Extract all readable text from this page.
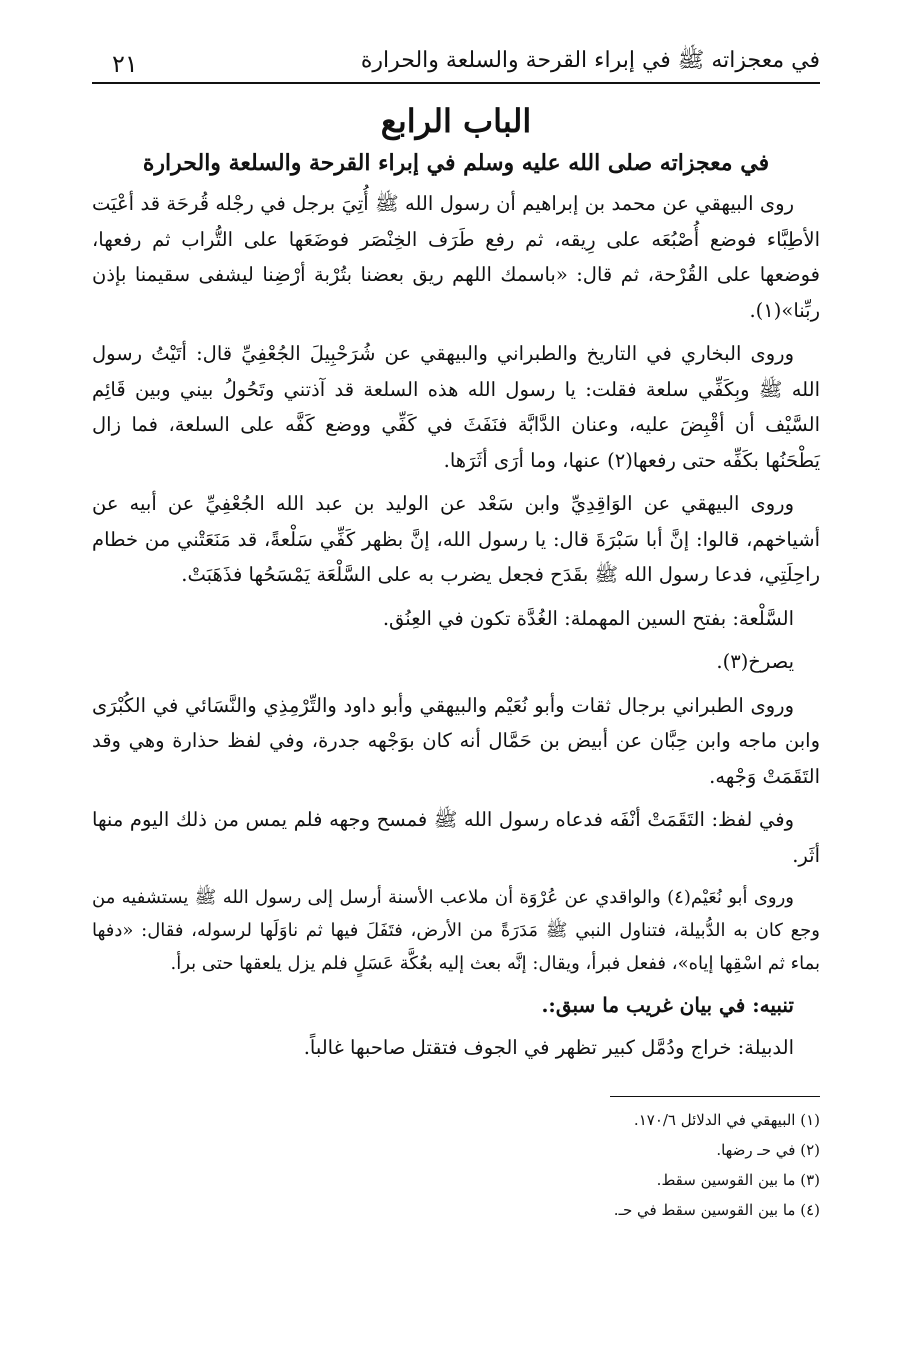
في معجزاته ﷺ في إبراء القرحة والسلعة والحرارة
٢١
الباب الرابع
في معجزاته صلى الله عليه وسلم في إبراء القرحة والسلعة والحرارة

روى البيهقي عن محمد بن إبراهيم أن رسول الله ﷺ أُتِيَ برجل في رجْله قُرحَة قد أعْيَت الأطِبَّاء فوضع أُصْبُعَه على رِيقه، ثم رفع طَرَف الخِنْصَر فوضَعَها على التُّراب ثم رفعها، فوضعها على القُرْحة، ثم قال: «باسمك اللهم ريق بعضنا بتُرْبة أرْضِنا ليشفى سقيمنا بإذن ربِّنا»(١).

وروى البخاري في التاريخ والطبراني والبيهقي عن شُرَحْبِيلَ الجُعْفِيِّ قال: أتَيْتُ رسول الله ﷺ وبِكَفِّي سلعة فقلت: يا رسول الله هذه السلعة قد آذتني وتَحُولُ بيني وبين قَائِم السَّيْف أن أقْبِضَ عليه، وعنان الدَّابَّة فنَفَثَ في كَفِّي ووضع كَفَّه على السلعة، فما زال يَطْحَنُها بكَفِّه حتى رفعها(٢) عنها، وما أرَى أثَرَها.

وروى البيهقي عن الوَاقِدِيِّ وابن سَعْد عن الوليد بن عبد الله الجُعْفِيِّ عن أبيه عن أشياخهم، قالوا: إنَّ أبا سَبْرَةَ قال: يا رسول الله، إنَّ بظهر كَفِّي سَلْعةً، قد مَنَعَتْني من خطام راحِلَتِي، فدعا رسول الله ﷺ بقَدَح فجعل يضرب به على السَّلْعَة يَمْسَحُها فذَهَبَتْ.

السَّلْعة: بفتح السين المهملة: الغُدَّة تكون في العِنُق.

يصرخ(٣).

وروى الطبراني برجال ثقات وأبو نُعَيْم والبيهقي وأبو داود والتِّرْمِذِي والنَّسَائي في الكُبْرَى وابن ماجه وابن حِبَّان عن أبيض بن حَمَّال أنه كان بوَجْهه جدرة، وفي لفظ حذارة وهي وقد التَقَمَتْ وَجْهه.

وفي لفظ: التَقَمَتْ أنْفَه فدعاه رسول الله ﷺ فمسح وجهه فلم يمس من ذلك اليوم منها أثَر.

وروى أبو نُعَيْم(٤) والواقدي عن عُرْوَة أن ملاعب الأسنة أرسل إلى رسول الله ﷺ يستشفيه من وجع كان به الدُّبيلة، فتناول النبي ﷺ مَدَرَةً من الأرض، فتَفَلَ فيها ثم ناوَلَها لرسوله، فقال: «دفها بماء ثم اسْقِها إياه»، ففعل فبرأ، ويقال: إنَّه بعث إليه بعُكَّة عَسَلٍ فلم يزل يلعقها حتى برأ.

تنبيه: في بيان غريب ما سبق:.

الدبيلة: خراج ودُمَّل كبير تظهر في الجوف فتقتل صاحبها غالباً.

(١) البيهقي في الدلائل ١٧٠/٦.

(٢) في حـ رضها.

(٣) ما بين القوسين سقط.

(٤) ما بين القوسين سقط في حـ.
